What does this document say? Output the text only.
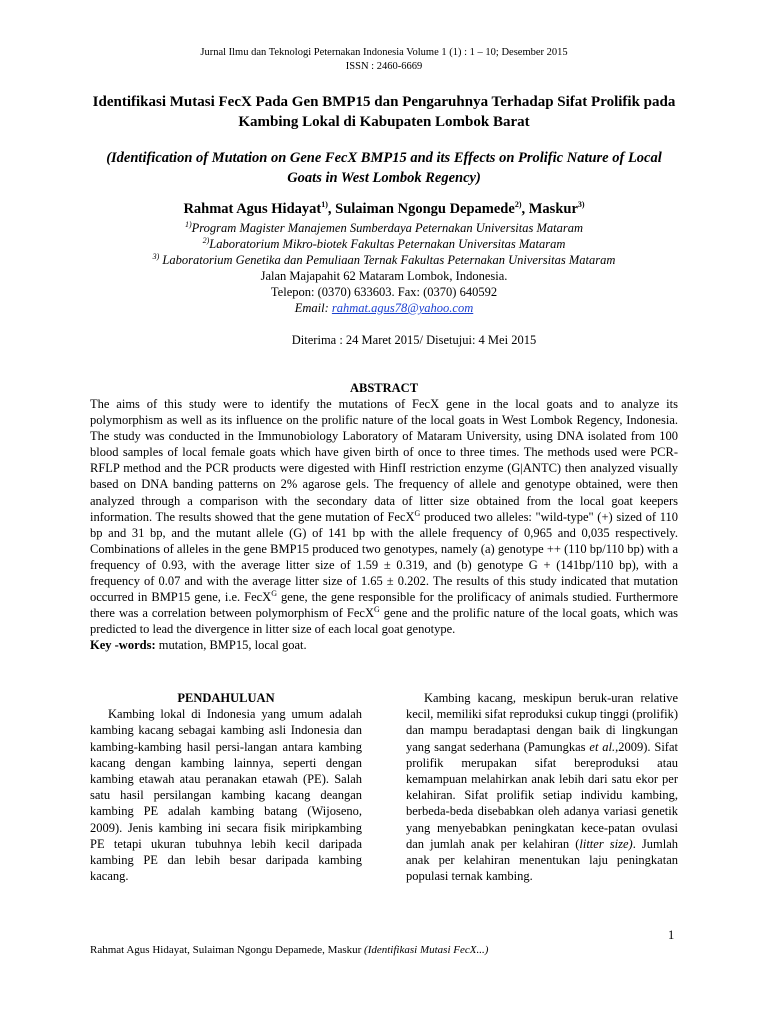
Jurnal Ilmu dan Teknologi Peternakan Indonesia Volume 1 (1) : 1 – 10; Desember 2015
ISSN : 2460-6669
Identifikasi Mutasi FecX Pada Gen BMP15 dan Pengaruhnya Terhadap Sifat Prolifik pada
Kambing Lokal di Kabupaten Lombok Barat
(Identification of Mutation on Gene FecX BMP15 and its Effects on Prolific Nature of Local
Goats in West Lombok Regency)
Rahmat Agus Hidayat$^{1)}$, Sulaiman Ngongu Depamede$^{2)}$, Maskur$^{3)}$
$^{1)}$Program Magister Manajemen Sumberdaya Peternakan Universitas Mataram
$^{2)}$Laboratorium Mikro-biotek Fakultas Peternakan Universitas Mataram
$^{3)}$ Laboratorium Genetika dan Pemuliaan Ternak Fakultas Peternakan Universitas Mataram
Jalan Majapahit 62 Mataram Lombok, Indonesia.
Telepon: (0370) 633603. Fax: (0370) 640592
Email: rahmat.agus78@yahoo.com
Diterima : 24 Maret 2015/ Disetujui: 4 Mei 2015
ABSTRACT

The aims of this study were to identify the mutations of FecX gene in the local goats and to analyze its polymorphism as well as its influence on the prolific nature of the local goats in West Lombok Regency, Indonesia. The study was conducted in the Immunobiology Laboratory of Mataram University, using DNA isolated from 100 blood samples of local female goats which have given birth of once to three times. The methods used were PCR-RFLP method and the PCR products were digested with HinfI restriction enzyme (G|ANTC) then analyzed visually based on DNA banding patterns on 2% agarose gels. The frequency of allele and genotype obtained, were then analyzed through a comparison with the secondary data of litter size obtained from the local goat keepers information. The results showed that the gene mutation of FecX$^G$ produced two alleles: "wild-type" (+) sized of 110 bp and 31 bp, and the mutant allele (G) of 141 bp with the allele frequency of 0,965 and 0,035 respectively. Combinations of alleles in the gene BMP15 produced two genotypes, namely (a) genotype ++ (110 bp/110 bp) with a frequency of 0.93, with the average litter size of 1.59 ± 0.319, and (b) genotype G + (141bp/110 bp), with a frequency of 0.07 and with the average litter size of 1.65 ± 0.202. The results of this study indicated that mutation occurred in BMP15 gene, i.e. FecX$^G$ gene, the gene responsible for the prolificacy of animals studied. Furthermore there was a correlation between polymorphism of FecX$^G$ gene and the prolific nature of the local goats, which was predicted to lead the divergence in litter size of each local goat genotype.

Key -words: mutation, BMP15, local goat.

PENDAHULUAN

Kambing lokal di Indonesia yang umum adalah kambing kacang sebagai kambing asli Indonesia dan kambing-kambing hasil persi-langan antara kambing kacang dengan kambing lainnya, seperti dengan kambing etawah atau peranakan etawah (PE). Salah satu hasil persilangan kambing kacang deangan kambing PE adalah kambing batang (Wijoseno, 2009). Jenis kambing ini secara fisik miripkambing PE tetapi ukuran tubuhnya lebih kecil daripada kambing PE dan lebih besar daripada kambing kacang.

Kambing kacang, meskipun beruk-uran relative kecil, memiliki sifat reproduksi cukup tinggi (prolifik) dan mampu beradaptasi dengan baik di lingkungan yang sangat sederhana (Pamungkas et al.,2009). Sifat prolifik merupakan sifat bereproduksi atau kemampuan melahirkan anak lebih dari satu ekor per kelahiran. Sifat prolifik setiap individu kambing, berbeda-beda disebabkan oleh adanya variasi genetik yang menyebabkan peningkatan kece-patan ovulasi dan jumlah anak per kelahiran (litter size). Jumlah anak per kelahiran menentukan laju peningkatan populasi ternak kambing.

1
Rahmat Agus Hidayat, Sulaiman Ngongu Depamede, Maskur (Identifikasi Mutasi FecX...)
